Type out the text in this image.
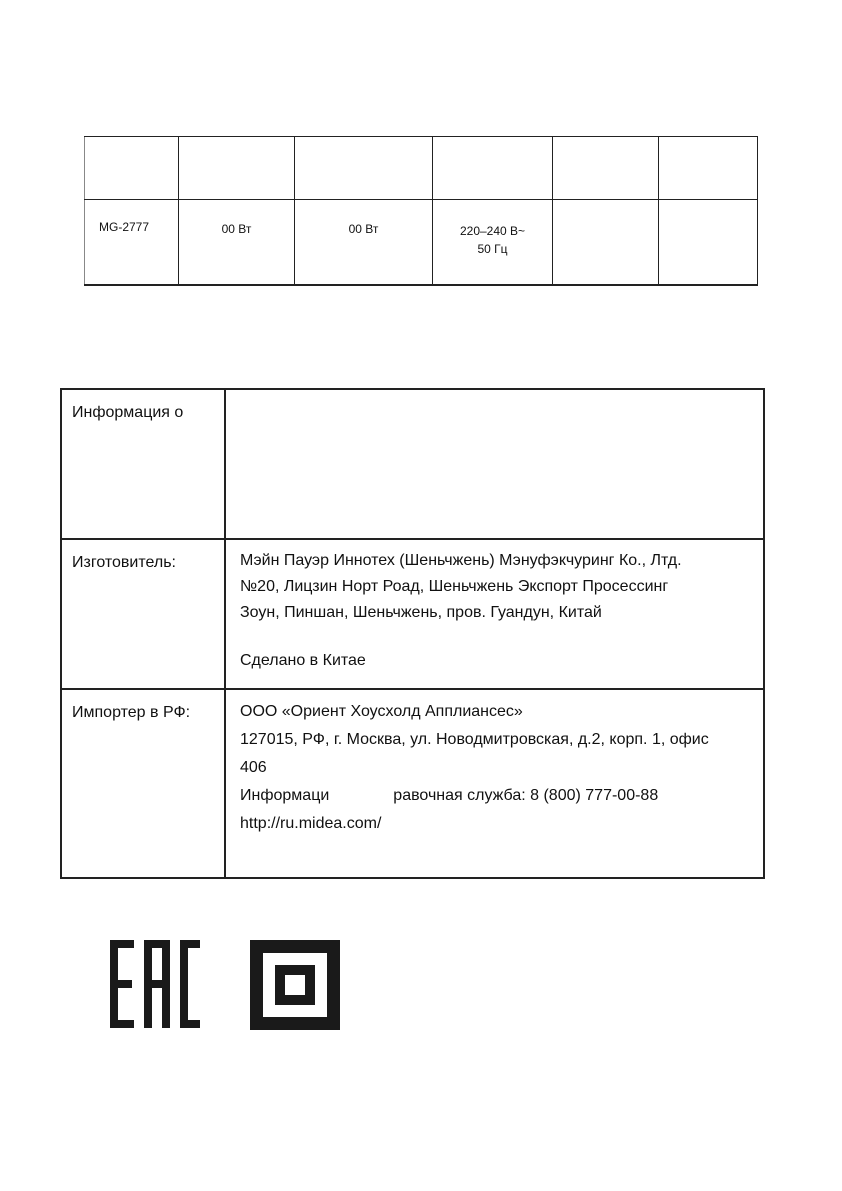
MG-2777	00 Вт	00 Вт	220–240 В~
50 Гц		

Информация о	
Изготовитель:	Мэйн Пауэр Иннотех (Шеньчжень) Мэнуфэкчуринг Ко., Лтд.
№20, Лицзин Норт Роад, Шеньчжень Экспорт Просессинг
Зоун, Пиншан, Шеньчжень, пров. Гуандун, Китай
Сделано в Китае

Импортер в РФ:	ООО «Ориент Хоусхолд Апплиансес»
127015, РФ, г. Москва, ул. Новодмитровская, д.2, корп. 1, офис
406
Информаци равочная служба: 8 (800) 777-00-88
http://ru.midea.com/
